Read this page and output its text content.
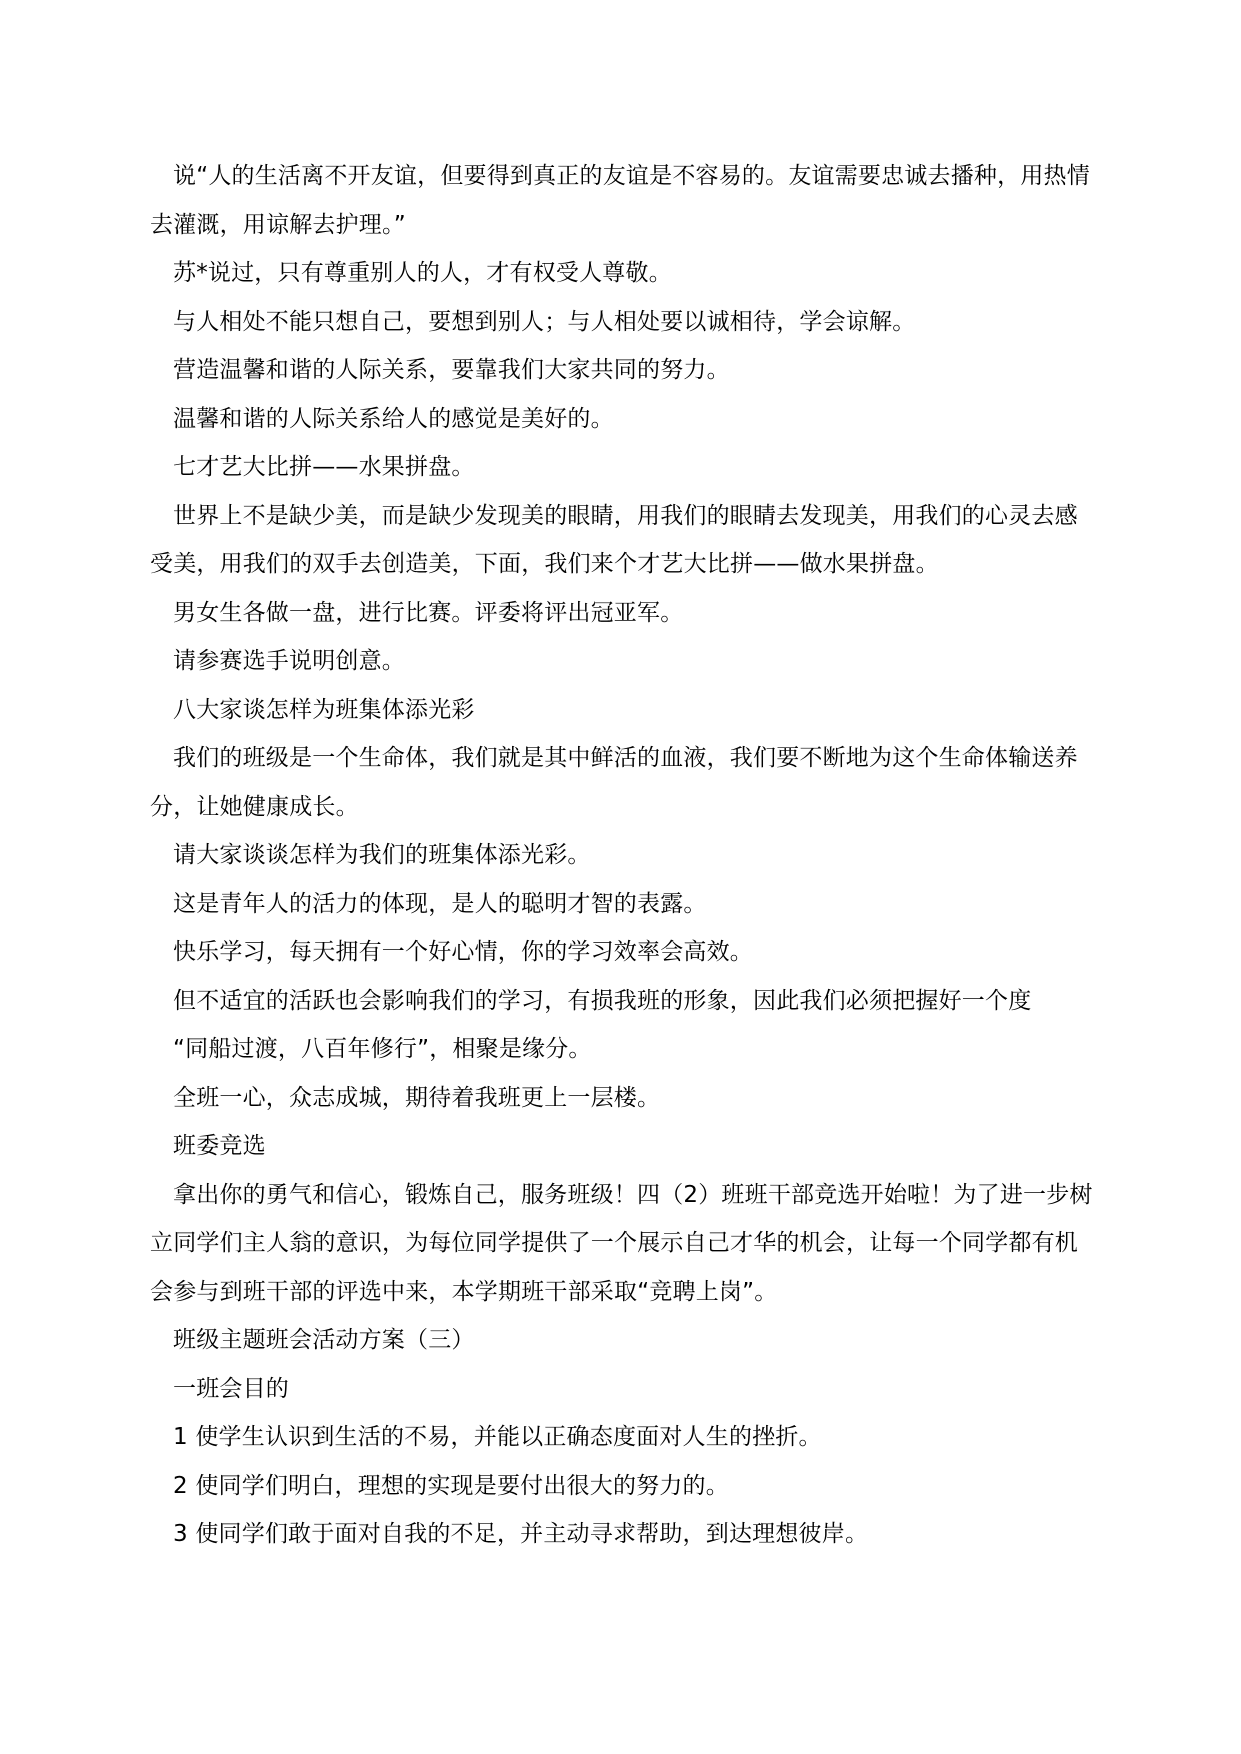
说“人的生活离不开友谊，但要得到真正的友谊是不容易的。友谊需要忠诚去播种，用热情去灌溉，用谅解去护理。”

苏*说过，只有尊重别人的人，才有权受人尊敬。

与人相处不能只想自己，要想到别人；与人相处要以诚相待，学会谅解。

营造温馨和谐的人际关系，要靠我们大家共同的努力。

温馨和谐的人际关系给人的感觉是美好的。

七才艺大比拼——水果拼盘。

世界上不是缺少美，而是缺少发现美的眼睛，用我们的眼睛去发现美，用我们的心灵去感受美，用我们的双手去创造美，下面，我们来个才艺大比拼——做水果拼盘。

男女生各做一盘，进行比赛。评委将评出冠亚军。

请参赛选手说明创意。

八大家谈怎样为班集体添光彩

我们的班级是一个生命体，我们就是其中鲜活的血液，我们要不断地为这个生命体输送养分，让她健康成长。

请大家谈谈怎样为我们的班集体添光彩。

这是青年人的活力的体现，是人的聪明才智的表露。

快乐学习，每天拥有一个好心情，你的学习效率会高效。

但不适宜的活跃也会影响我们的学习，有损我班的形象，因此我们必须把握好一个度

“同船过渡，八百年修行”，相聚是缘分。

全班一心，众志成城，期待着我班更上一层楼。

班委竞选

拿出你的勇气和信心，锻炼自己，服务班级！四（2）班班干部竞选开始啦！为了进一步树立同学们主人翁的意识，为每位同学提供了一个展示自己才华的机会，让每一个同学都有机会参与到班干部的评选中来，本学期班干部采取“竞聘上岗”。

班级主题班会活动方案（三）

一班会目的

1 使学生认识到生活的不易，并能以正确态度面对人生的挫折。

2 使同学们明白，理想的实现是要付出很大的努力的。

3 使同学们敢于面对自我的不足，并主动寻求帮助，到达理想彼岸。
